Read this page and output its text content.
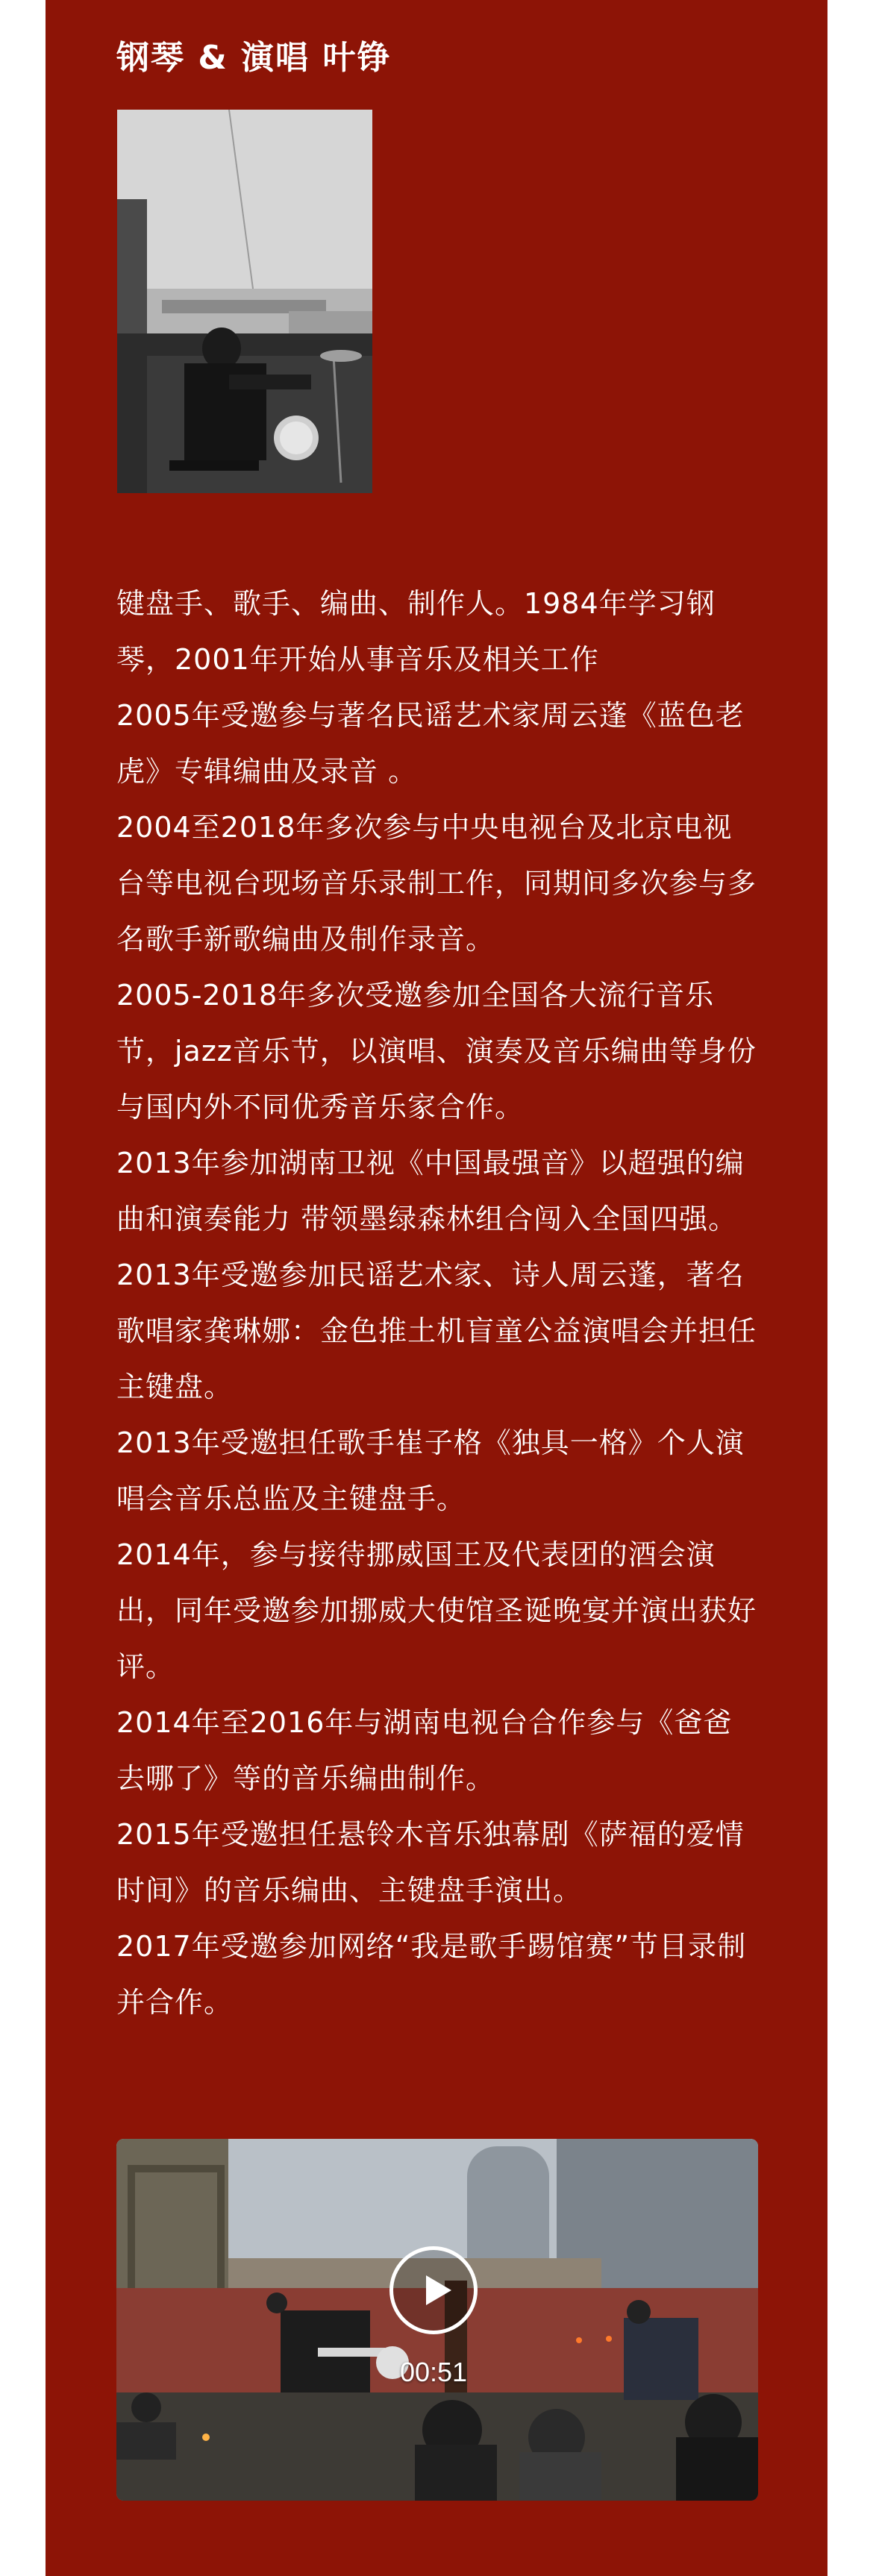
钢琴 & 演唱 叶铮

键盘手、歌手、编曲、制作人。1984年学习钢琴，2001年开始从事音乐及相关工作

2005年受邀参与著名民谣艺术家周云蓬《蓝色老虎》专辑编曲及录音 。

2004至2018年多次参与中央电视台及北京电视台等电视台现场音乐录制工作，同期间多次参与多名歌手新歌编曲及制作录音。

2005-2018年多次受邀参加全国各大流行音乐节，jazz音乐节，以演唱、演奏及音乐编曲等身份与国内外不同优秀音乐家合作。

2013年参加湖南卫视《中国最强音》以超强的编曲和演奏能力 带领墨绿森林组合闯入全国四强。

2013年受邀参加民谣艺术家、诗人周云蓬，著名歌唱家龚琳娜：金色推土机盲童公益演唱会并担任主键盘。

2013年受邀担任歌手崔子格《独具一格》个人演唱会音乐总监及主键盘手。

2014年，参与接待挪威国王及代表团的酒会演出，同年受邀参加挪威大使馆圣诞晚宴并演出获好评。

2014年至2016年与湖南电视台合作参与《爸爸去哪了》等的音乐编曲制作。

2015年受邀担任悬铃木音乐独幕剧《萨福的爱情时间》的音乐编曲、主键盘手演出。

2017年受邀参加网络“我是歌手踢馆赛”节目录制并合作。

00:51
